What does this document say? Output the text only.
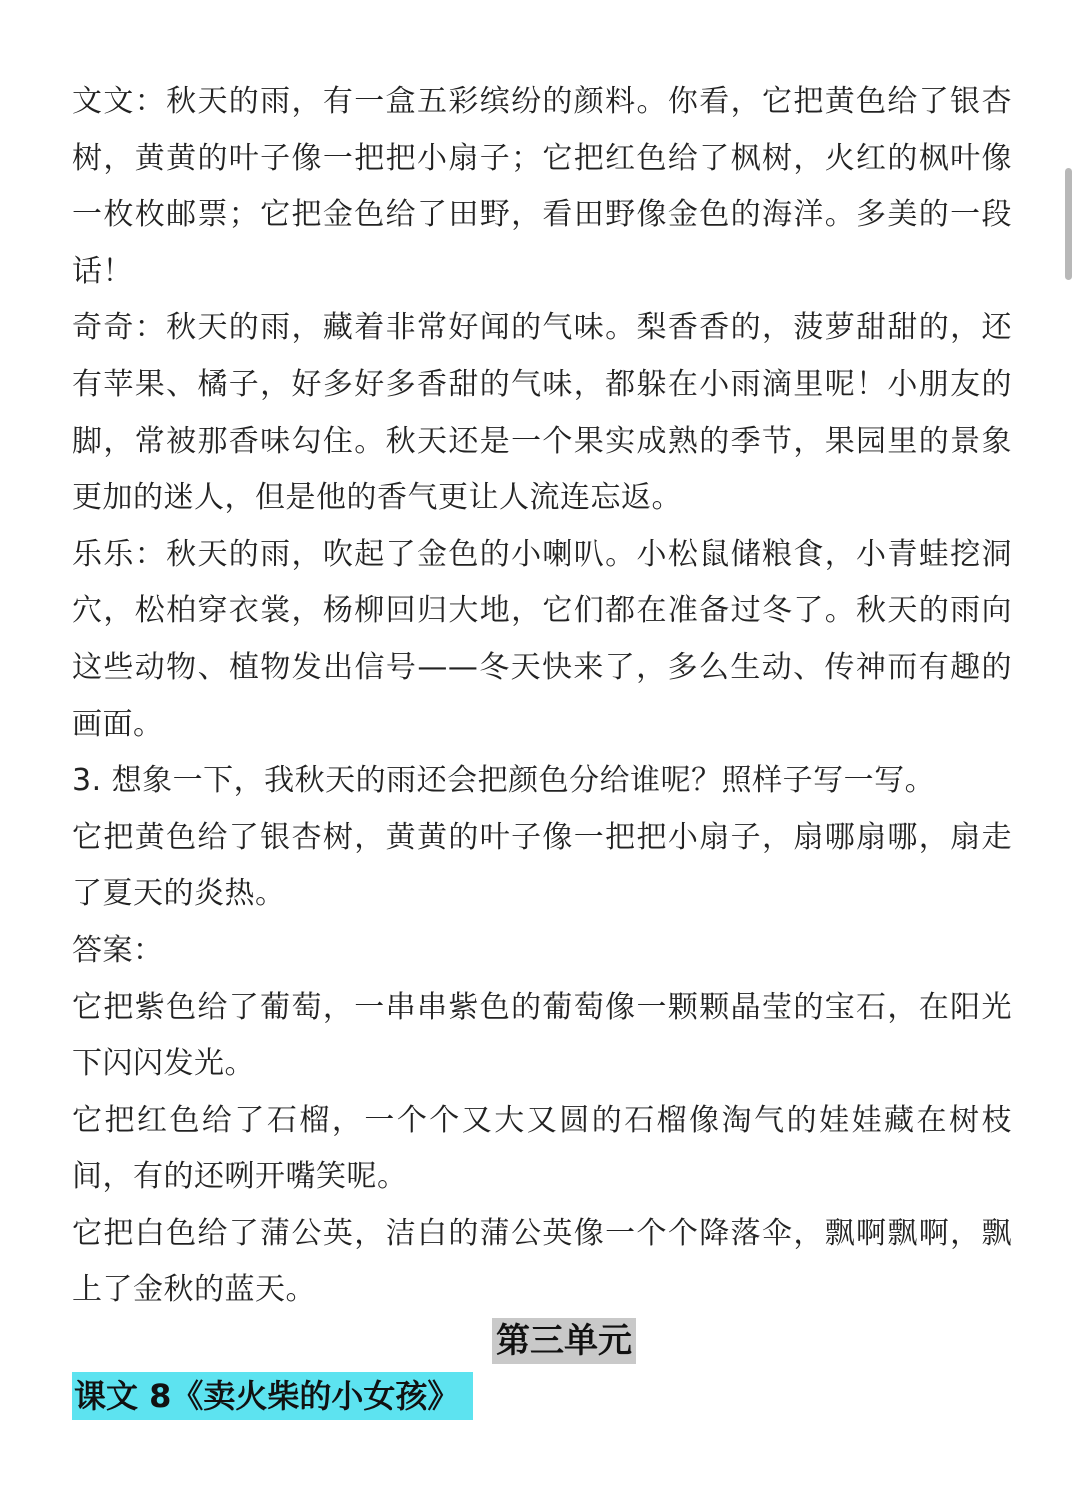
文文：秋天的雨，有一盒五彩缤纷的颜料。你看，它把黄色给了银杏树，黄黄的叶子像一把把小扇子；它把红色给了枫树，火红的枫叶像一枚枚邮票；它把金色给了田野，看田野像金色的海洋。多美的一段话！

奇奇：秋天的雨，藏着非常好闻的气味。梨香香的，菠萝甜甜的，还有苹果、橘子，好多好多香甜的气味，都躲在小雨滴里呢！小朋友的脚，常被那香味勾住。秋天还是一个果实成熟的季节，果园里的景象更加的迷人，但是他的香气更让人流连忘返。

乐乐：秋天的雨，吹起了金色的小喇叭。小松鼠储粮食，小青蛙挖洞穴，松柏穿衣裳，杨柳回归大地，它们都在准备过冬了。秋天的雨向这些动物、植物发出信号——冬天快来了，多么生动、传神而有趣的画面。

3. 想象一下，我秋天的雨还会把颜色分给谁呢？照样子写一写。

它把黄色给了银杏树，黄黄的叶子像一把把小扇子，扇哪扇哪，扇走了夏天的炎热。

答案：

它把紫色给了葡萄，一串串紫色的葡萄像一颗颗晶莹的宝石，在阳光下闪闪发光。

它把红色给了石榴，一个个又大又圆的石榴像淘气的娃娃藏在树枝间，有的还咧开嘴笑呢。

它把白色给了蒲公英，洁白的蒲公英像一个个降落伞，飘啊飘啊，飘上了金秋的蓝天。

第三单元
课文 8《卖火柴的小女孩》
